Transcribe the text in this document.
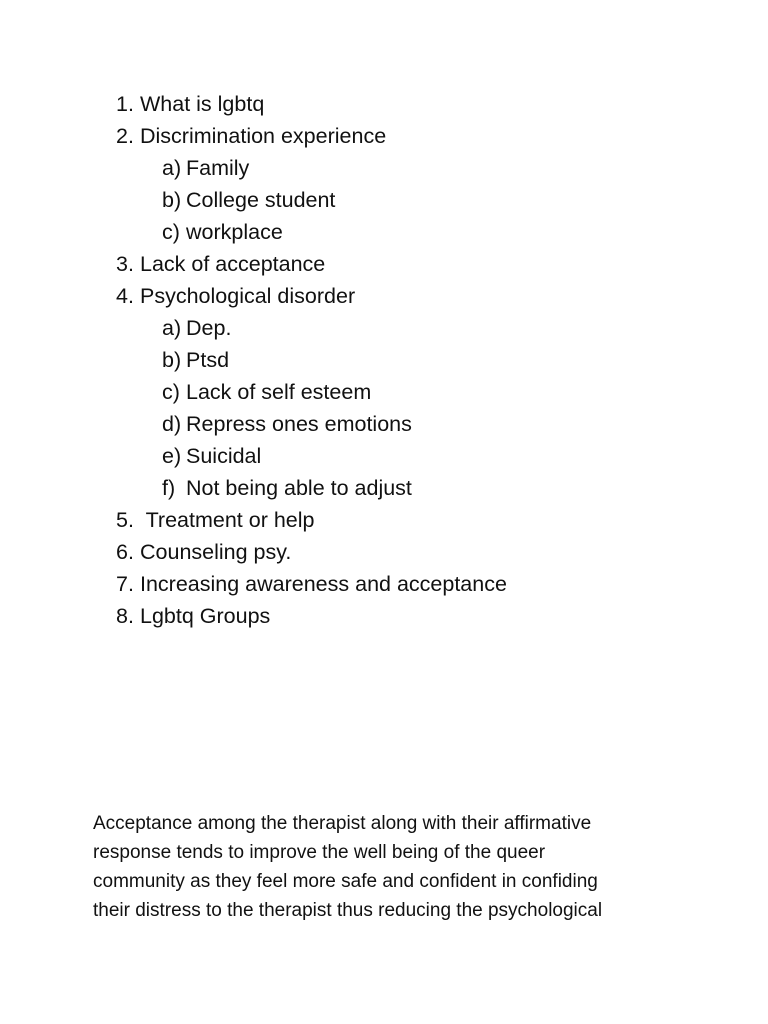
1. What is lgbtq
2. Discrimination experience
a) Family
b) College student
c) workplace
3. Lack of acceptance
4. Psychological disorder
a) Dep.
b) Ptsd
c) Lack of self esteem
d) Repress ones emotions
e) Suicidal
f) Not being able to adjust
5. Treatment or help
6. Counseling psy.
7. Increasing awareness and acceptance
8. Lgbtq Groups

Acceptance among the therapist along with their affirmative
response tends to improve the well being of the queer
community as they feel more safe and confident in confiding
their distress to the therapist thus reducing the psychological
